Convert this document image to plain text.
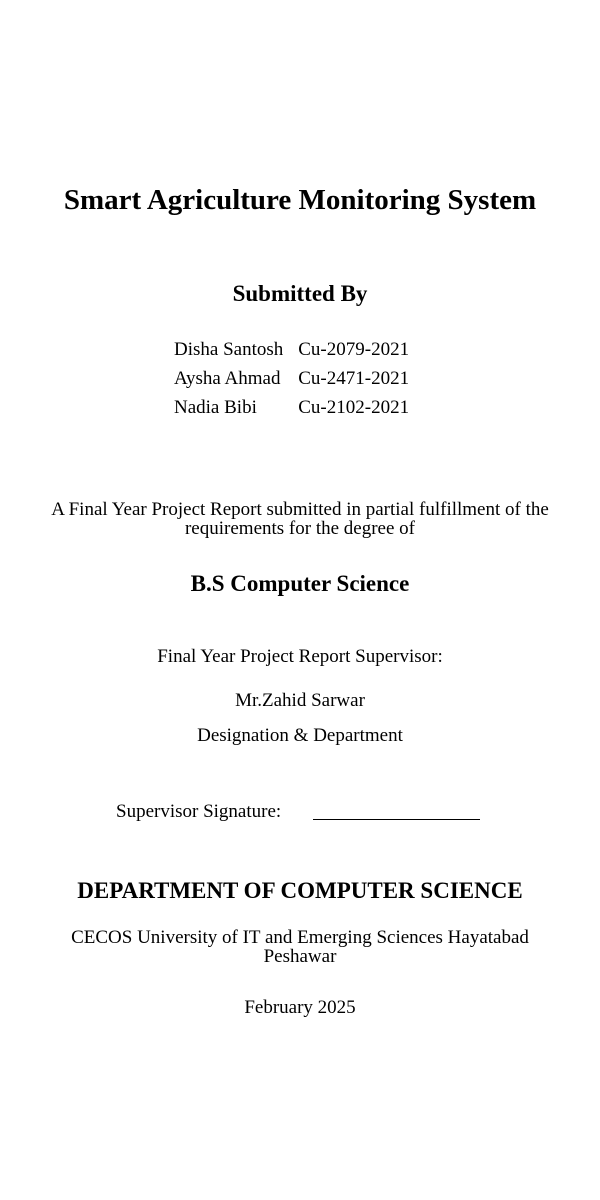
Smart Agriculture Monitoring System
Submitted By
Disha Santosh	Cu-2079-2021
Aysha Ahmad	Cu-2471-2021
Nadia Bibi	Cu-2102-2021
A Final Year Project Report submitted in partial fulfillment of the
requirements for the degree of
B.S Computer Science
Final Year Project Report Supervisor:
Mr.Zahid Sarwar
Designation & Department
Supervisor Signature:
DEPARTMENT OF COMPUTER SCIENCE
CECOS University of IT and Emerging Sciences Hayatabad
Peshawar
February 2025
